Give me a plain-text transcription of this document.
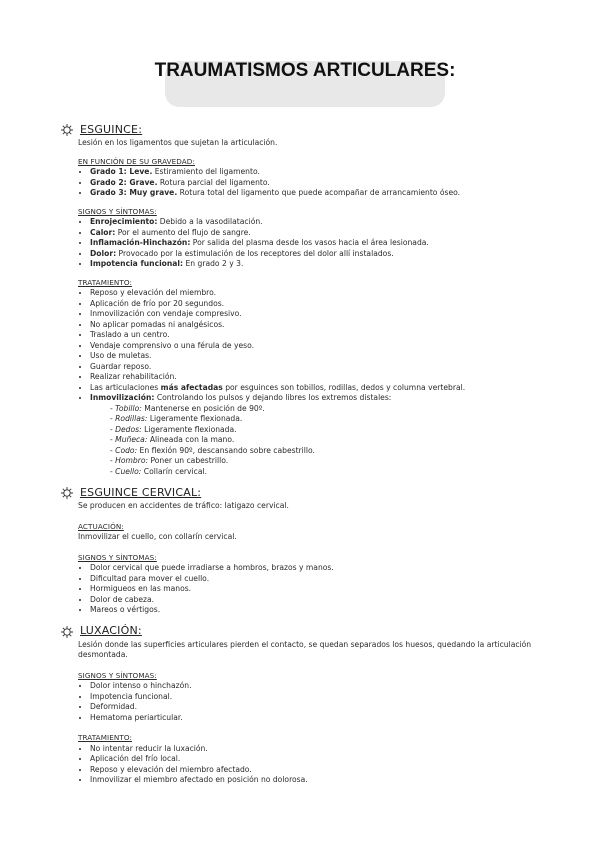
TRAUMATISMOS ARTICULARES:
ESGUINCE:

Lesión en los ligamentos que sujetan la articulación.

EN FUNCIÓN DE SU GRAVEDAD:
• Grado 1: Leve. Estiramiento del ligamento.
• Grado 2: Grave. Rotura parcial del ligamento.
• Grado 3: Muy grave. Rotura total del ligamento que puede acompañar de arrancamiento óseo.
SIGNOS Y SÍNTOMAS:
• Enrojecimiento: Debido a la vasodilatación.
• Calor: Por el aumento del flujo de sangre.
• Inflamación-Hinchazón: Por salida del plasma desde los vasos hacia el área lesionada.
• Dolor: Provocado por la estimulación de los receptores del dolor allí instalados.
• Impotencia funcional: En grado 2 y 3.
TRATAMIENTO:
• Reposo y elevación del miembro.
• Aplicación de frío por 20 segundos.
• Inmovilización con vendaje compresivo.
• No aplicar pomadas ni analgésicos.
• Traslado a un centro.
• Vendaje comprensivo o una férula de yeso.
• Uso de muletas.
• Guardar reposo.
• Realizar rehabilitación.
• Las articulaciones más afectadas por esguinces son tobillos, rodillas, dedos y columna vertebral.
• Inmovilización: Controlando los pulsos y dejando libres los extremos distales:
- Tobillo: Mantenerse en posición de 90º.
- Rodillas: Ligeramente flexionada.
- Dedos: Ligeramente flexionada.
- Muñeca: Alineada con la mano.
- Codo: En flexión 90º, descansando sobre cabestrillo.
- Hombro: Poner un cabestrillo.
- Cuello: Collarín cervical.
ESGUINCE CERVICAL:

Se producen en accidentes de tráfico: latigazo cervical.

ACTUACIÓN:

Inmovilizar el cuello, con collarín cervical.

SIGNOS Y SÍNTOMAS:
• Dolor cervical que puede irradiarse a hombros, brazos y manos.
• Dificultad para mover el cuello.
• Hormigueos en las manos.
• Dolor de cabeza.
• Mareos o vértigos.
LUXACIÓN:

Lesión donde las superficies articulares pierden el contacto, se quedan separados los huesos, quedando la articulación desmontada.

SIGNOS Y SÍNTOMAS:
• Dolor intenso o hinchazón.
• Impotencia funcional.
• Deformidad.
• Hematoma periarticular.
TRATAMIENTO:
• No intentar reducir la luxación.
• Aplicación del frío local.
• Reposo y elevación del miembro afectado.
• Inmovilizar el miembro afectado en posición no dolorosa.
